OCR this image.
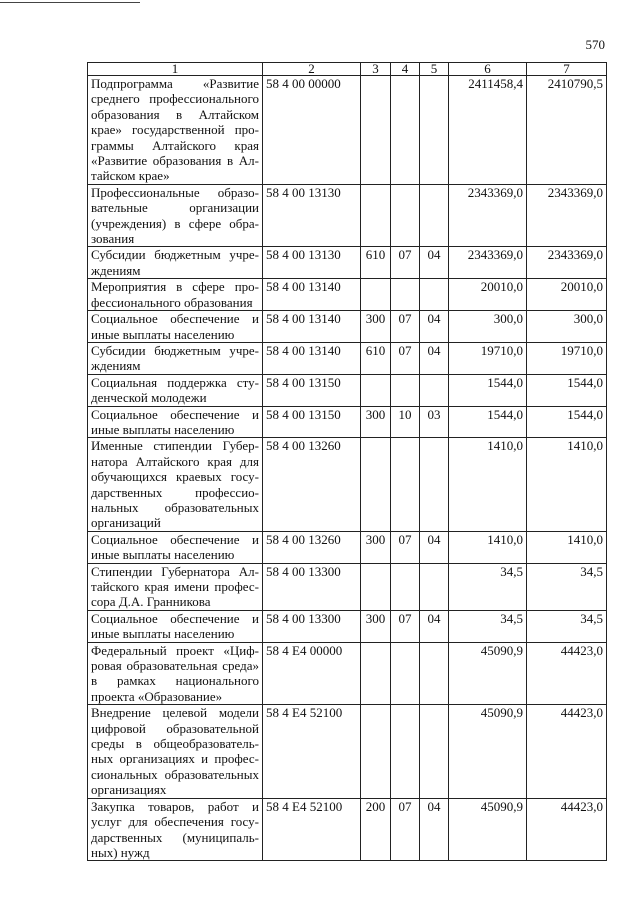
570
1	2	3	4	5	6	7
Подпрограмма «Развитие среднего профессионального образования в Алтайском крае» государственной программы Алтайского края «Развитие образования в Алтайском крае»	58 4 00 00000				2411458,4	2410790,5
Профессиональные образовательные организации (учреждения) в сфере образования	58 4 00 13130				2343369,0	2343369,0
Субсидии бюджетным учреждениям	58 4 00 13130	610	07	04	2343369,0	2343369,0
Мероприятия в сфере профессионального образования	58 4 00 13140				20010,0	20010,0
Социальное обеспечение и иные выплаты населению	58 4 00 13140	300	07	04	300,0	300,0
Субсидии бюджетным учреждениям	58 4 00 13140	610	07	04	19710,0	19710,0
Социальная поддержка студенческой молодежи	58 4 00 13150				1544,0	1544,0
Социальное обеспечение и иные выплаты населению	58 4 00 13150	300	10	03	1544,0	1544,0
Именные стипендии Губернатора Алтайского края для обучающихся краевых государственных профессиональных образовательных организаций	58 4 00 13260				1410,0	1410,0
Социальное обеспечение и иные выплаты населению	58 4 00 13260	300	07	04	1410,0	1410,0
Стипендии Губернатора Алтайского края имени профессора Д.А. Гранникова	58 4 00 13300				34,5	34,5
Социальное обеспечение и иные выплаты населению	58 4 00 13300	300	07	04	34,5	34,5
Федеральный проект «Цифровая образовательная среда» в рамках национального проекта «Образование»	58 4 E4 00000				45090,9	44423,0
Внедрение целевой модели цифровой образовательной среды в общеобразовательных организациях и профессиональных образовательных организациях	58 4 E4 52100				45090,9	44423,0
Закупка товаров, работ и услуг для обеспечения государственных (муниципальных) нужд	58 4 E4 52100	200	07	04	45090,9	44423,0
